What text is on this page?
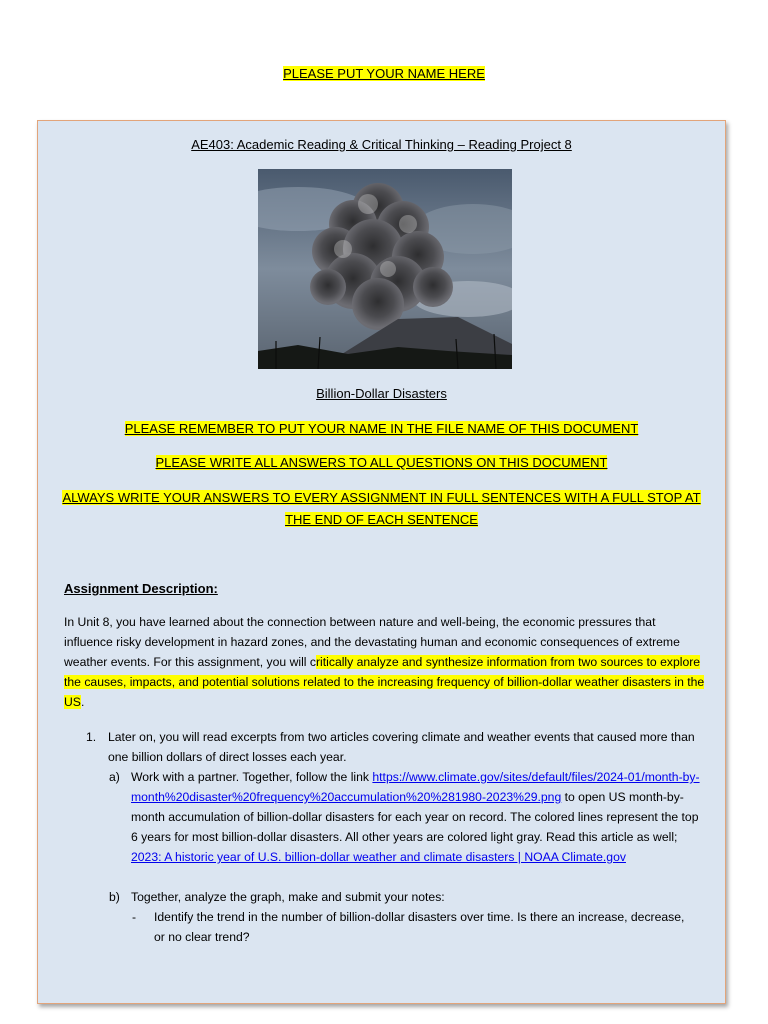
PLEASE PUT YOUR NAME HERE
AE403: Academic Reading & Critical Thinking – Reading Project 8
Billion-Dollar Disasters
PLEASE REMEMBER TO PUT YOUR NAME IN THE FILE NAME OF THIS DOCUMENT
PLEASE WRITE ALL ANSWERS TO ALL QUESTIONS ON THIS DOCUMENT
ALWAYS WRITE YOUR ANSWERS TO EVERY ASSIGNMENT IN FULL SENTENCES WITH A FULL STOP AT
THE END OF EACH SENTENCE
Assignment Description:
In Unit 8, you have learned about the connection between nature and well-being, the economic pressures that influence risky development in hazard zones, and the devastating human and economic consequences of extreme weather events. For this assignment, you will critically analyze and synthesize information from two sources to explore the causes, impacts, and potential solutions related to the increasing frequency of billion-dollar weather disasters in the US.
1. Later on, you will read excerpts from two articles covering climate and weather events that caused more than one billion dollars of direct losses each year.
a) Work with a partner. Together, follow the link https://www.climate.gov/sites/default/files/2024-01/month-by-month%20disaster%20frequency%20accumulation%20%281980-2023%29.png to open US month-by-month accumulation of billion-dollar disasters for each year on record. The colored lines represent the top 6 years for most billion-dollar disasters. All other years are colored light gray. Read this article as well;
2023: A historic year of U.S. billion-dollar weather and climate disasters | NOAA Climate.gov
b) Together, analyze the graph, make and submit your notes:
- Identify the trend in the number of billion-dollar disasters over time. Is there an increase, decrease, or no clear trend?
